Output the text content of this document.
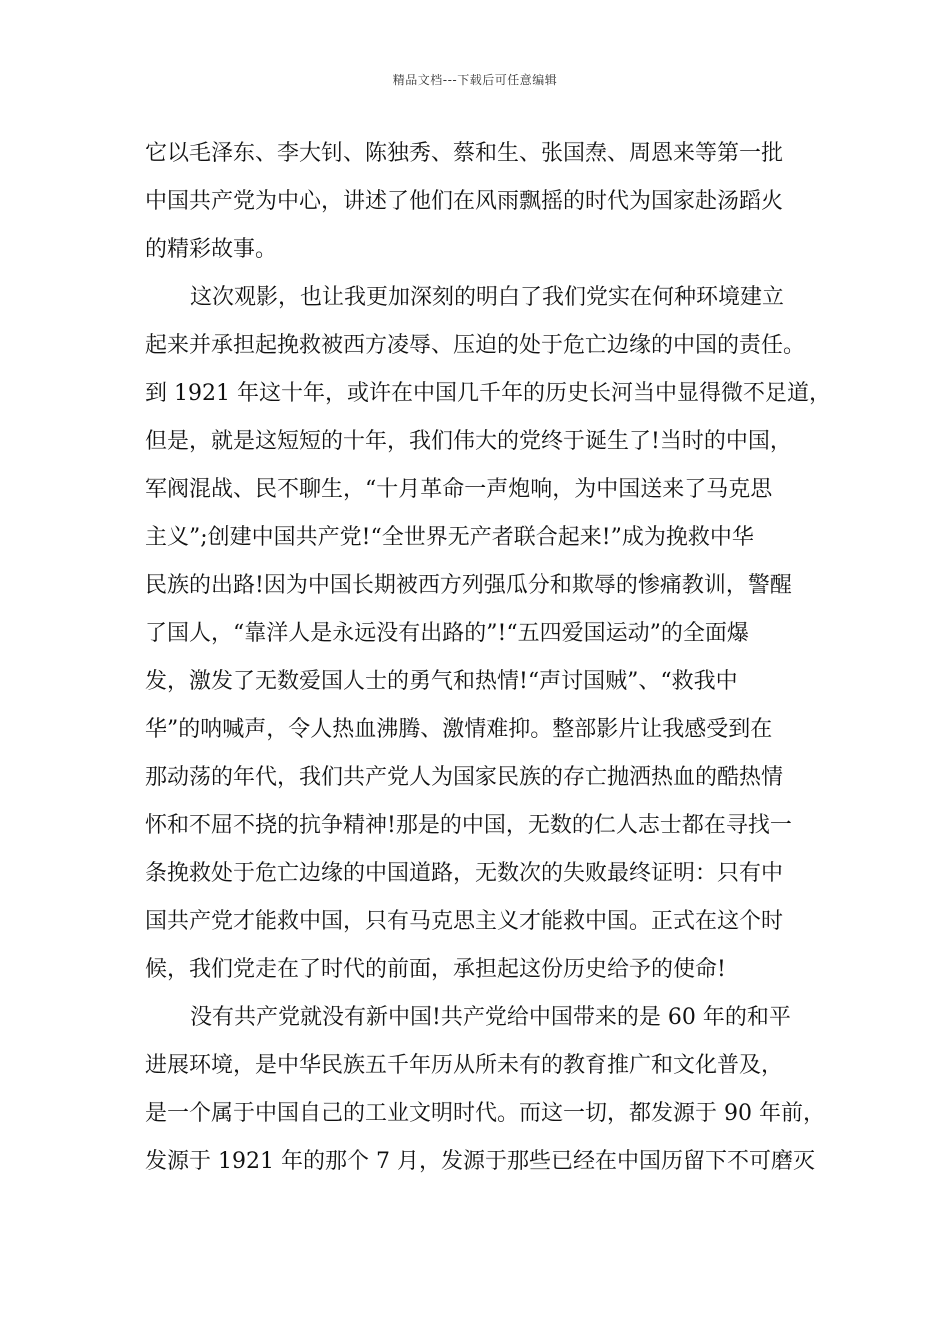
精品文档---下载后可任意编辑
它以毛泽东、李大钊、陈独秀、蔡和生、张国焘、周恩来等第一批
中国共产党为中心，讲述了他们在风雨飘摇的时代为国家赴汤蹈火
的精彩故事。
这次观影，也让我更加深刻的明白了我们党实在何种环境建立
起来并承担起挽救被西方凌辱、压迫的处于危亡边缘的中国的责任。
到 1921 年这十年，或许在中国几千年的历史长河当中显得微不足道，
但是，就是这短短的十年，我们伟大的党终于诞生了!当时的中国，
军阀混战、民不聊生，“十月革命一声炮响，为中国送来了马克思
主义”;创建中国共产党!“全世界无产者联合起来!”成为挽救中华
民族的出路!因为中国长期被西方列强瓜分和欺辱的惨痛教训，警醒
了国人，“靠洋人是永远没有出路的”!“五四爱国运动”的全面爆
发，激发了无数爱国人士的勇气和热情!“声讨国贼”、“救我中
华”的呐喊声，令人热血沸腾、激情难抑。整部影片让我感受到在
那动荡的年代，我们共产党人为国家民族的存亡抛洒热血的酷热情
怀和不屈不挠的抗争精神!那是的中国，无数的仁人志士都在寻找一
条挽救处于危亡边缘的中国道路，无数次的失败最终证明：只有中
国共产党才能救中国，只有马克思主义才能救中国。正式在这个时
候，我们党走在了时代的前面，承担起这份历史给予的使命!
没有共产党就没有新中国!共产党给中国带来的是 60 年的和平
进展环境，是中华民族五千年历从所未有的教育推广和文化普及，
是一个属于中国自己的工业文明时代。而这一切，都发源于 90 年前，
发源于 1921 年的那个 7 月，发源于那些已经在中国历留下不可磨灭
